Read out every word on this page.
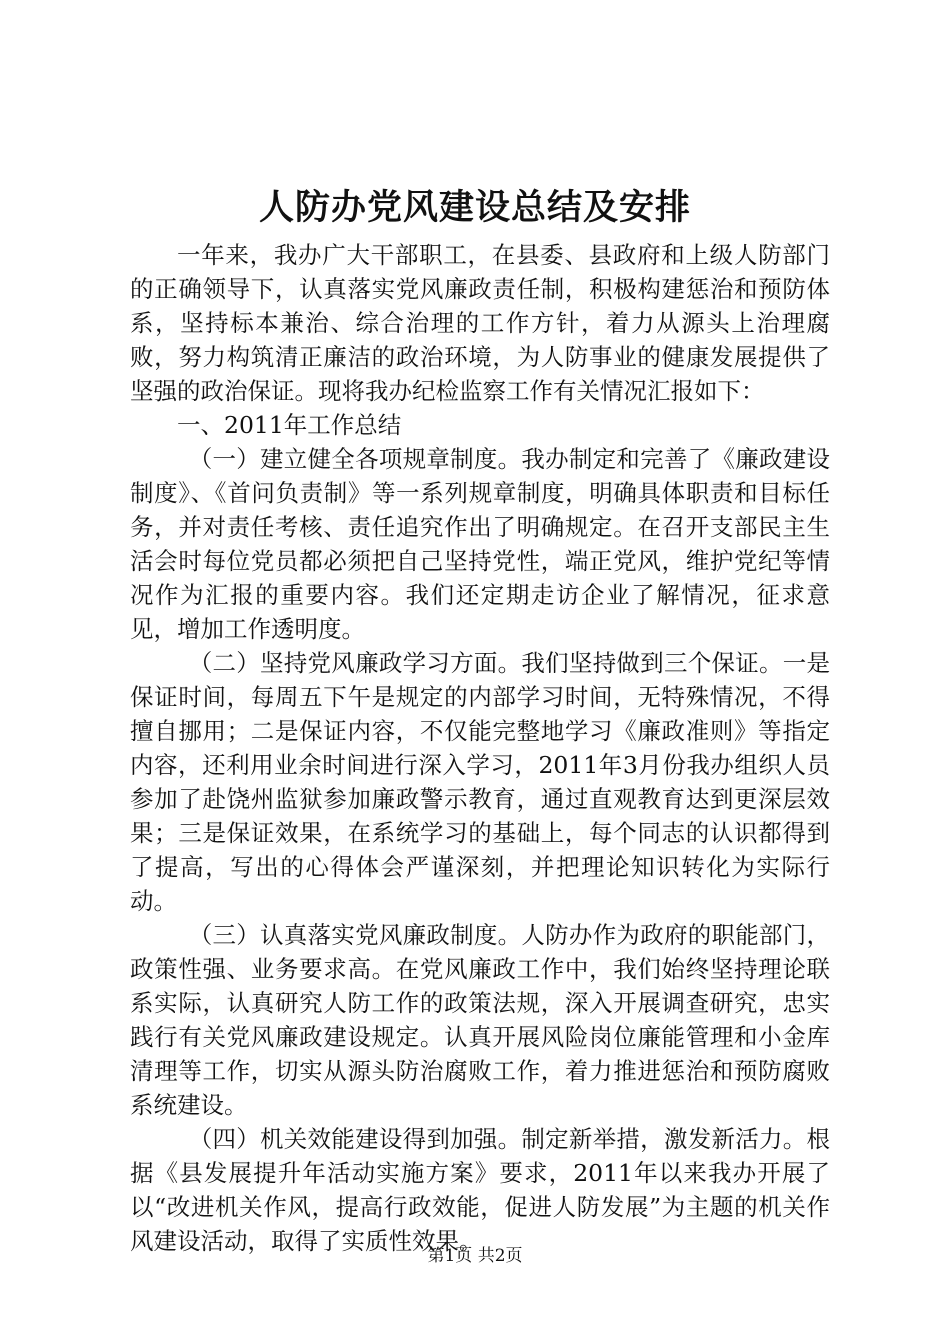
人防办党风建设总结及安排

一年来，我办广大干部职工，在县委、县政府和上级人防部门的正确领导下，认真落实党风廉政责任制，积极构建惩治和预防体系，坚持标本兼治、综合治理的工作方针，着力从源头上治理腐败，努力构筑清正廉洁的政治环境，为人防事业的健康发展提供了坚强的政治保证。现将我办纪检监察工作有关情况汇报如下：

一、2011年工作总结

（一）建立健全各项规章制度。我办制定和完善了《廉政建设制度》、《首问负责制》等一系列规章制度，明确具体职责和目标任务，并对责任考核、责任追究作出了明确规定。在召开支部民主生活会时每位党员都必须把自己坚持党性，端正党风，维护党纪等情况作为汇报的重要内容。我们还定期走访企业了解情况，征求意见，增加工作透明度。

（二）坚持党风廉政学习方面。我们坚持做到三个保证。一是保证时间，每周五下午是规定的内部学习时间，无特殊情况，不得擅自挪用；二是保证内容，不仅能完整地学习《廉政准则》等指定内容，还利用业余时间进行深入学习，2011年3月份我办组织人员参加了赴饶州监狱参加廉政警示教育，通过直观教育达到更深层效果；三是保证效果，在系统学习的基础上，每个同志的认识都得到了提高，写出的心得体会严谨深刻，并把理论知识转化为实际行动。

（三）认真落实党风廉政制度。人防办作为政府的职能部门，政策性强、业务要求高。在党风廉政工作中，我们始终坚持理论联系实际，认真研究人防工作的政策法规，深入开展调查研究，忠实践行有关党风廉政建设规定。认真开展风险岗位廉能管理和小金库清理等工作，切实从源头防治腐败工作，着力推进惩治和预防腐败系统建设。

（四）机关效能建设得到加强。制定新举措，激发新活力。根据《县发展提升年活动实施方案》要求，2011年以来我办开展了以“改进机关作风，提高行政效能，促进人防发展”为主题的机关作风建设活动，取得了实质性效果。

第1页 共2页
